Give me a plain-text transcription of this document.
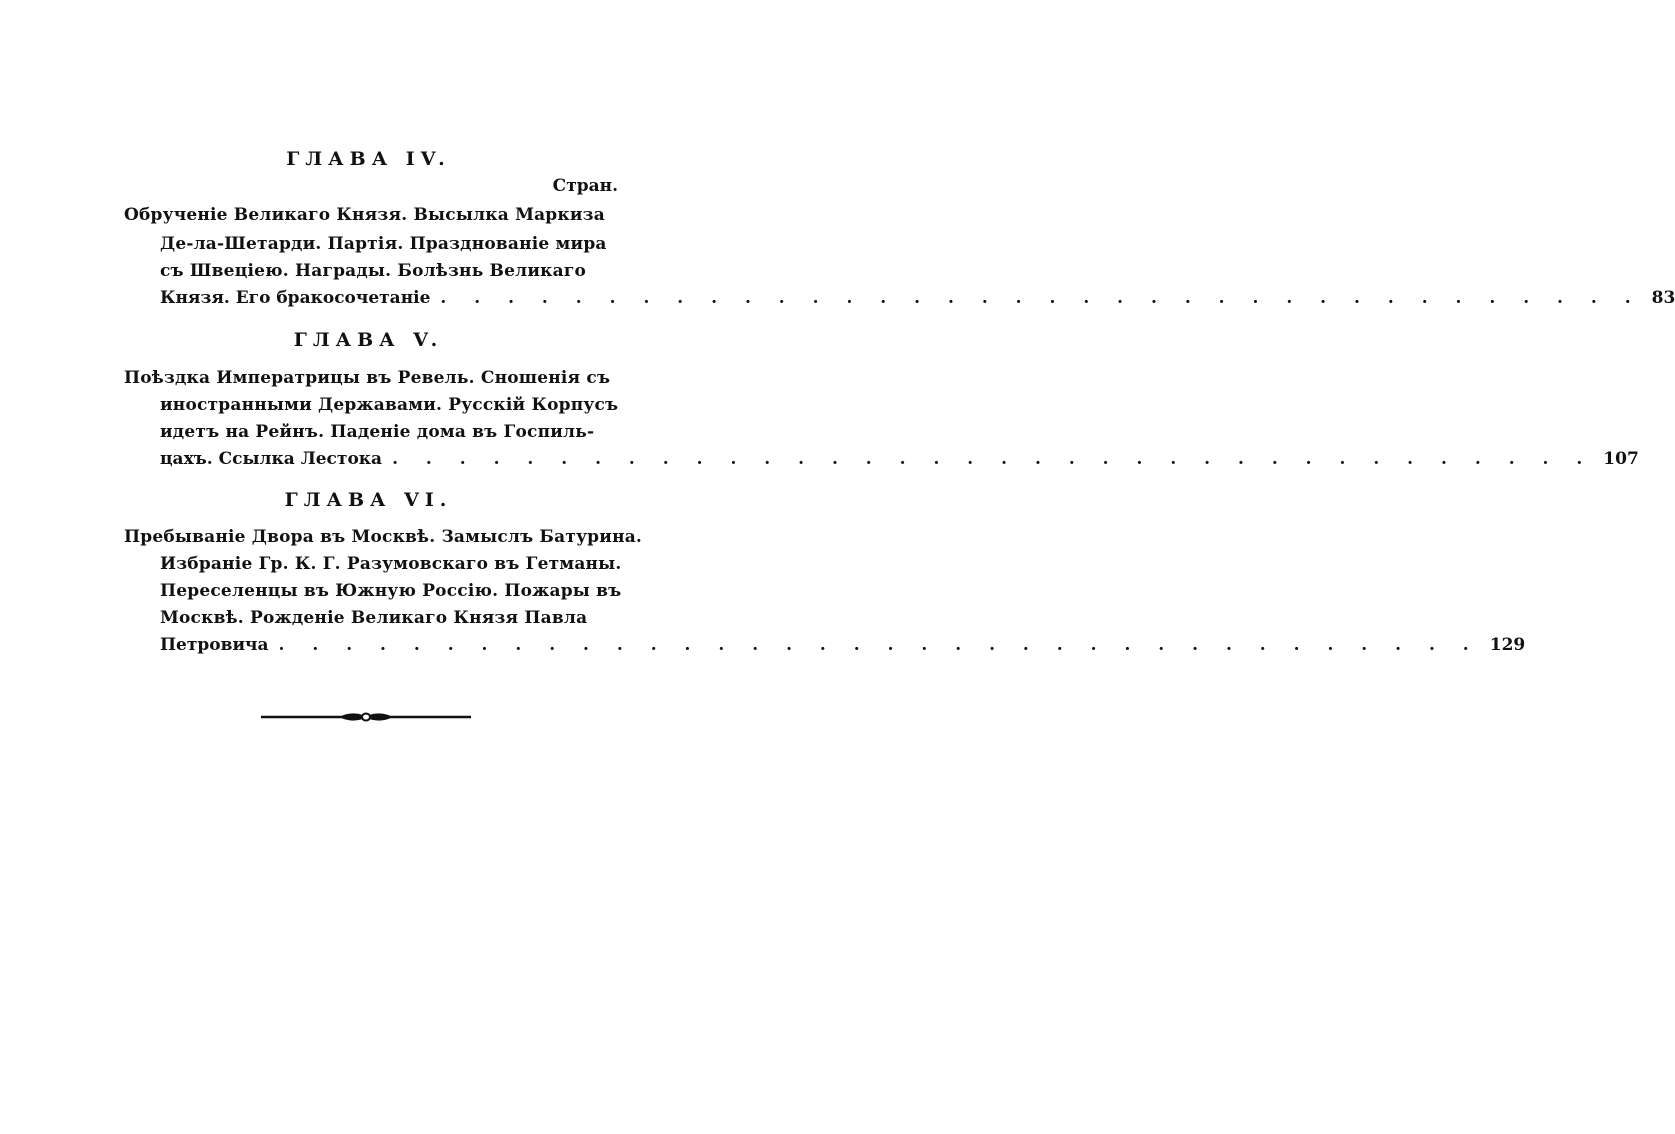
ГЛАВА IV.
Стран.
Обрученіе Великаго Князя. Высылка Маркиза
Де-ла-Шетарди. Партія. Празднованіе мира
съ Швеціею. Награды. Болѣзнь Великаго
Князя. Его бракосочетаніе . . . . . . . . . . . . . . . . . . . . . . . . . . . . . . . . . . . . 83
ГЛАВА V.
Поѣздка Императрицы въ Ревель. Сношенія съ
иностранными Державами. Русскій Корпусъ
идетъ на Рейнъ. Паденіе дома въ Госпиль-
цахъ. Ссылка Лестока . . . . . . . . . . . . . . . . . . . . . . . . . . . . . . . . . . . . 107
ГЛАВА VI.
Пребываніе Двора въ Москвѣ. Замыслъ Батурина.
Избраніе Гр. К. Г. Разумовскаго въ Гетманы.
Переселенцы въ Южную Россію. Пожары въ
Москвѣ. Рожденіе Великаго Князя Павла
Петровича . . . . . . . . . . . . . . . . . . . . . . . . . . . . . . . . . . . . 129
